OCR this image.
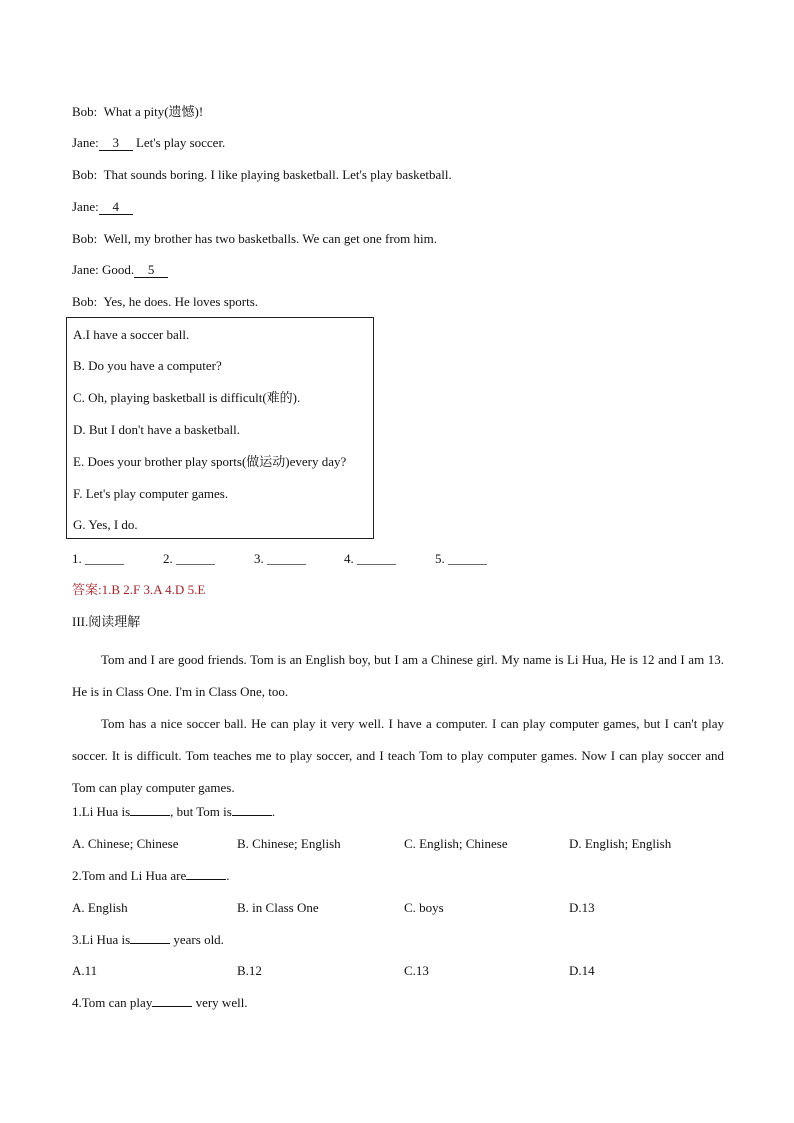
Bob: What a pity(遗憾)!
Jane: 3 Let's play soccer.
Bob: That sounds boring. I like playing basketball. Let's play basketball.
Jane: 4
Bob: Well, my brother has two basketballs. We can get one from him.
Jane: Good. 5
Bob: Yes, he does. He loves sports.
A.I have a soccer ball.
B. Do you have a computer?
C. Oh, playing basketball is difficult(难的).
D. But I don't have a basketball.
E. Does your brother play sports(做运动)every day?
F. Let's play computer games.
G. Yes, I do.
1. ______	2. ______	3. ______	4. ______	5. ______
答案:1.B 2.F 3.A 4.D 5.E
III.阅读理解
Tom and I are good friends. Tom is an English boy, but I am a Chinese girl. My name is Li Hua, He is 12 and I am 13. He is in Class One. I'm in Class One, too.
Tom has a nice soccer ball. He can play it very well. I have a computer. I can play computer games, but I can't play soccer. It is difficult. Tom teaches me to play soccer, and I teach Tom to play computer games. Now I can play soccer and Tom can play computer games.
1.Li Hua is	, but Tom is	.
A. Chinese; Chinese	B. Chinese; English	C. English; Chinese	D. English; English
2.Tom and Li Hua are	.
A. English	B. in Class One	C. boys	D.13
3.Li Hua is	years old.
A.11	B.12	C.13	D.14
4.Tom can play	very well.
